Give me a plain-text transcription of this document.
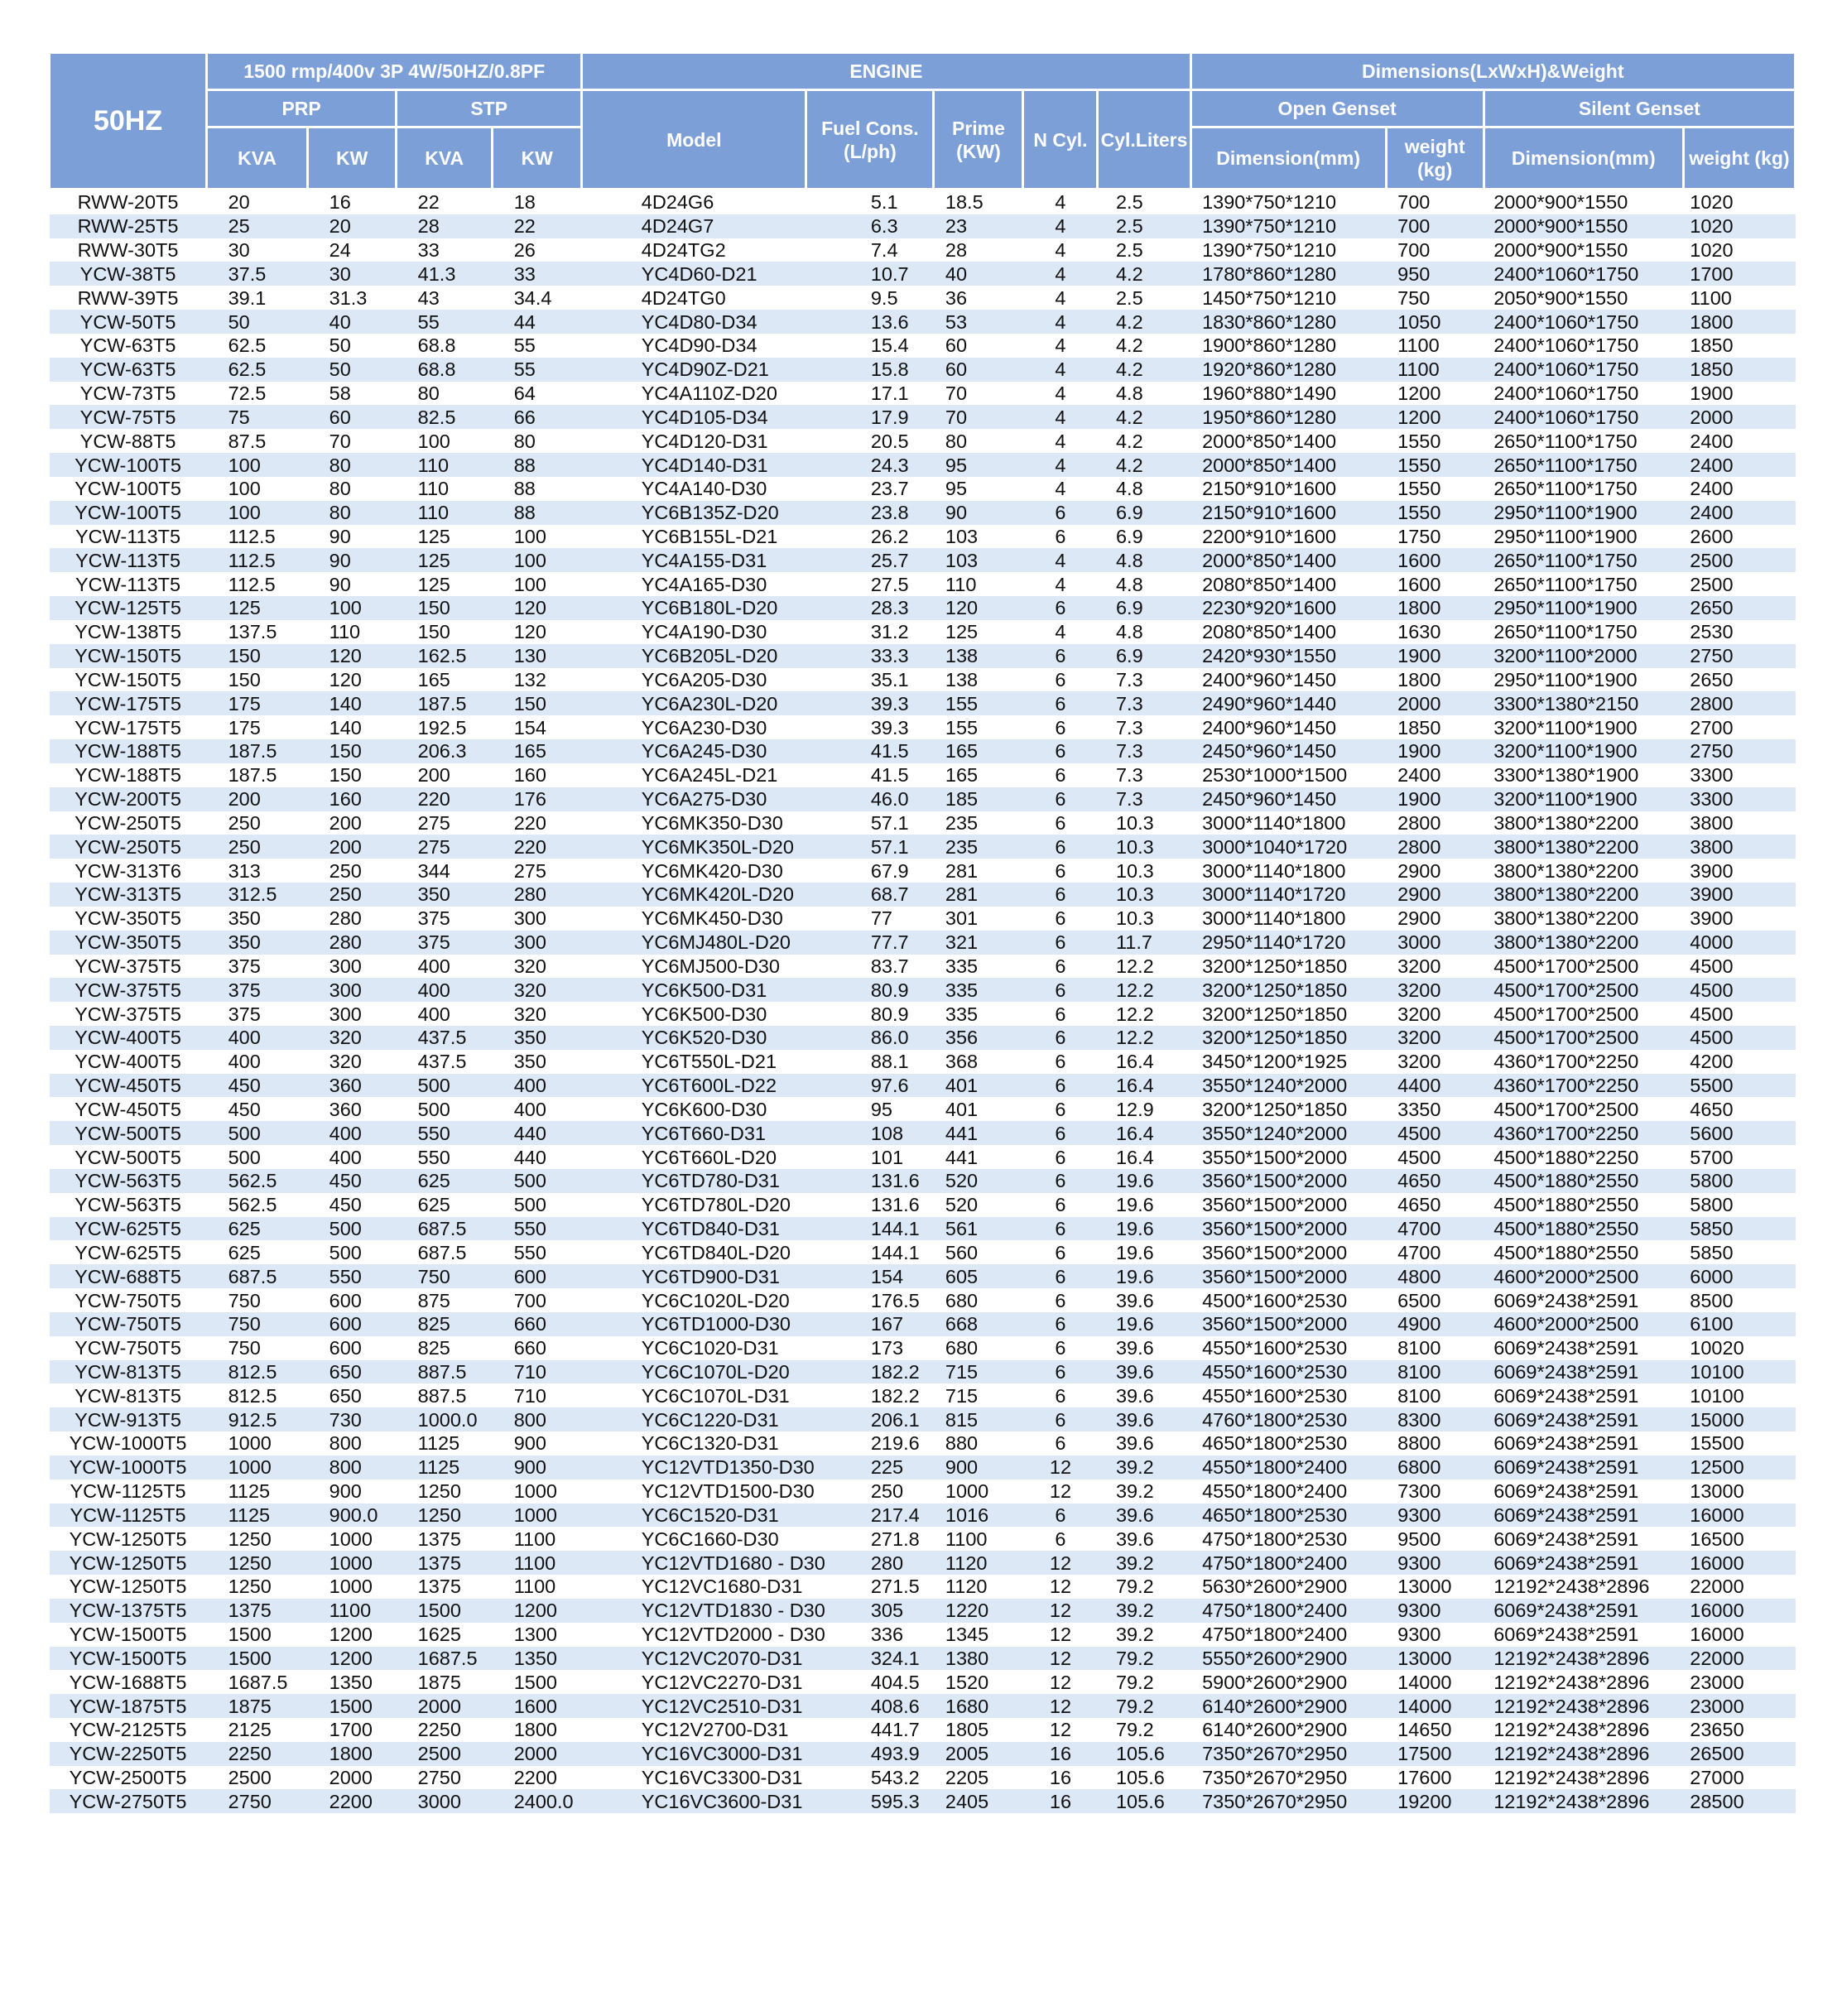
50HZ	1500 rmp/400v 3P 4W/50HZ/0.8PF				ENGINE					Dimensions(LxWxH)&Weight			
	PRP		STP		Model	Fuel Cons. (L/ph)	Prime (KW)	N Cyl.	Cyl.Liters	Open Genset		Silent Genset	
	KVA	KW	KVA	KW						Dimension(mm)	weight (kg)	Dimension(mm)	weight (kg)
RWW-20T5	20	16	22	18	4D24G6	5.1	18.5	4	2.5	1390*750*1210	700	2000*900*1550	1020
RWW-25T5	25	20	28	22	4D24G7	6.3	23	4	2.5	1390*750*1210	700	2000*900*1550	1020
RWW-30T5	30	24	33	26	4D24TG2	7.4	28	4	2.5	1390*750*1210	700	2000*900*1550	1020
YCW-38T5	37.5	30	41.3	33	YC4D60-D21	10.7	40	4	4.2	1780*860*1280	950	2400*1060*1750	1700
RWW-39T5	39.1	31.3	43	34.4	4D24TG0	9.5	36	4	2.5	1450*750*1210	750	2050*900*1550	1100
YCW-50T5	50	40	55	44	YC4D80-D34	13.6	53	4	4.2	1830*860*1280	1050	2400*1060*1750	1800
YCW-63T5	62.5	50	68.8	55	YC4D90-D34	15.4	60	4	4.2	1900*860*1280	1100	2400*1060*1750	1850
YCW-63T5	62.5	50	68.8	55	YC4D90Z-D21	15.8	60	4	4.2	1920*860*1280	1100	2400*1060*1750	1850
YCW-73T5	72.5	58	80	64	YC4A110Z-D20	17.1	70	4	4.8	1960*880*1490	1200	2400*1060*1750	1900
YCW-75T5	75	60	82.5	66	YC4D105-D34	17.9	70	4	4.2	1950*860*1280	1200	2400*1060*1750	2000
YCW-88T5	87.5	70	100	80	YC4D120-D31	20.5	80	4	4.2	2000*850*1400	1550	2650*1100*1750	2400
YCW-100T5	100	80	110	88	YC4D140-D31	24.3	95	4	4.2	2000*850*1400	1550	2650*1100*1750	2400
YCW-100T5	100	80	110	88	YC4A140-D30	23.7	95	4	4.8	2150*910*1600	1550	2650*1100*1750	2400
YCW-100T5	100	80	110	88	YC6B135Z-D20	23.8	90	6	6.9	2150*910*1600	1550	2950*1100*1900	2400
YCW-113T5	112.5	90	125	100	YC6B155L-D21	26.2	103	6	6.9	2200*910*1600	1750	2950*1100*1900	2600
YCW-113T5	112.5	90	125	100	YC4A155-D31	25.7	103	4	4.8	2000*850*1400	1600	2650*1100*1750	2500
YCW-113T5	112.5	90	125	100	YC4A165-D30	27.5	110	4	4.8	2080*850*1400	1600	2650*1100*1750	2500
YCW-125T5	125	100	150	120	YC6B180L-D20	28.3	120	6	6.9	2230*920*1600	1800	2950*1100*1900	2650
YCW-138T5	137.5	110	150	120	YC4A190-D30	31.2	125	4	4.8	2080*850*1400	1630	2650*1100*1750	2530
YCW-150T5	150	120	162.5	130	YC6B205L-D20	33.3	138	6	6.9	2420*930*1550	1900	3200*1100*2000	2750
YCW-150T5	150	120	165	132	YC6A205-D30	35.1	138	6	7.3	2400*960*1450	1800	2950*1100*1900	2650
YCW-175T5	175	140	187.5	150	YC6A230L-D20	39.3	155	6	7.3	2490*960*1440	2000	3300*1380*2150	2800
YCW-175T5	175	140	192.5	154	YC6A230-D30	39.3	155	6	7.3	2400*960*1450	1850	3200*1100*1900	2700
YCW-188T5	187.5	150	206.3	165	YC6A245-D30	41.5	165	6	7.3	2450*960*1450	1900	3200*1100*1900	2750
YCW-188T5	187.5	150	200	160	YC6A245L-D21	41.5	165	6	7.3	2530*1000*1500	2400	3300*1380*1900	3300
YCW-200T5	200	160	220	176	YC6A275-D30	46.0	185	6	7.3	2450*960*1450	1900	3200*1100*1900	3300
YCW-250T5	250	200	275	220	YC6MK350-D30	57.1	235	6	10.3	3000*1140*1800	2800	3800*1380*2200	3800
YCW-250T5	250	200	275	220	YC6MK350L-D20	57.1	235	6	10.3	3000*1040*1720	2800	3800*1380*2200	3800
YCW-313T6	313	250	344	275	YC6MK420-D30	67.9	281	6	10.3	3000*1140*1800	2900	3800*1380*2200	3900
YCW-313T5	312.5	250	350	280	YC6MK420L-D20	68.7	281	6	10.3	3000*1140*1720	2900	3800*1380*2200	3900
YCW-350T5	350	280	375	300	YC6MK450-D30	77	301	6	10.3	3000*1140*1800	2900	3800*1380*2200	3900
YCW-350T5	350	280	375	300	YC6MJ480L-D20	77.7	321	6	11.7	2950*1140*1720	3000	3800*1380*2200	4000
YCW-375T5	375	300	400	320	YC6MJ500-D30	83.7	335	6	12.2	3200*1250*1850	3200	4500*1700*2500	4500
YCW-375T5	375	300	400	320	YC6K500-D31	80.9	335	6	12.2	3200*1250*1850	3200	4500*1700*2500	4500
YCW-375T5	375	300	400	320	YC6K500-D30	80.9	335	6	12.2	3200*1250*1850	3200	4500*1700*2500	4500
YCW-400T5	400	320	437.5	350	YC6K520-D30	86.0	356	6	12.2	3200*1250*1850	3200	4500*1700*2500	4500
YCW-400T5	400	320	437.5	350	YC6T550L-D21	88.1	368	6	16.4	3450*1200*1925	3200	4360*1700*2250	4200
YCW-450T5	450	360	500	400	YC6T600L-D22	97.6	401	6	16.4	3550*1240*2000	4400	4360*1700*2250	5500
YCW-450T5	450	360	500	400	YC6K600-D30	95	401	6	12.9	3200*1250*1850	3350	4500*1700*2500	4650
YCW-500T5	500	400	550	440	YC6T660-D31	108	441	6	16.4	3550*1240*2000	4500	4360*1700*2250	5600
YCW-500T5	500	400	550	440	YC6T660L-D20	101	441	6	16.4	3550*1500*2000	4500	4500*1880*2250	5700
YCW-563T5	562.5	450	625	500	YC6TD780-D31	131.6	520	6	19.6	3560*1500*2000	4650	4500*1880*2550	5800
YCW-563T5	562.5	450	625	500	YC6TD780L-D20	131.6	520	6	19.6	3560*1500*2000	4650	4500*1880*2550	5800
YCW-625T5	625	500	687.5	550	YC6TD840-D31	144.1	561	6	19.6	3560*1500*2000	4700	4500*1880*2550	5850
YCW-625T5	625	500	687.5	550	YC6TD840L-D20	144.1	560	6	19.6	3560*1500*2000	4700	4500*1880*2550	5850
YCW-688T5	687.5	550	750	600	YC6TD900-D31	154	605	6	19.6	3560*1500*2000	4800	4600*2000*2500	6000
YCW-750T5	750	600	875	700	YC6C1020L-D20	176.5	680	6	39.6	4500*1600*2530	6500	6069*2438*2591	8500
YCW-750T5	750	600	825	660	YC6TD1000-D30	167	668	6	19.6	3560*1500*2000	4900	4600*2000*2500	6100
YCW-750T5	750	600	825	660	YC6C1020-D31	173	680	6	39.6	4550*1600*2530	8100	6069*2438*2591	10020
YCW-813T5	812.5	650	887.5	710	YC6C1070L-D20	182.2	715	6	39.6	4550*1600*2530	8100	6069*2438*2591	10100
YCW-813T5	812.5	650	887.5	710	YC6C1070L-D31	182.2	715	6	39.6	4550*1600*2530	8100	6069*2438*2591	10100
YCW-913T5	912.5	730	1000.0	800	YC6C1220-D31	206.1	815	6	39.6	4760*1800*2530	8300	6069*2438*2591	15000
YCW-1000T5	1000	800	1125	900	YC6C1320-D31	219.6	880	6	39.6	4650*1800*2530	8800	6069*2438*2591	15500
YCW-1000T5	1000	800	1125	900	YC12VTD1350-D30	225	900	12	39.2	4550*1800*2400	6800	6069*2438*2591	12500
YCW-1125T5	1125	900	1250	1000	YC12VTD1500-D30	250	1000	12	39.2	4550*1800*2400	7300	6069*2438*2591	13000
YCW-1125T5	1125	900.0	1250	1000	YC6C1520-D31	217.4	1016	6	39.6	4650*1800*2530	9300	6069*2438*2591	16000
YCW-1250T5	1250	1000	1375	1100	YC6C1660-D30	271.8	1100	6	39.6	4750*1800*2530	9500	6069*2438*2591	16500
YCW-1250T5	1250	1000	1375	1100	YC12VTD1680 - D30	280	1120	12	39.2	4750*1800*2400	9300	6069*2438*2591	16000
YCW-1250T5	1250	1000	1375	1100	YC12VC1680-D31	271.5	1120	12	79.2	5630*2600*2900	13000	12192*2438*2896	22000
YCW-1375T5	1375	1100	1500	1200	YC12VTD1830 - D30	305	1220	12	39.2	4750*1800*2400	9300	6069*2438*2591	16000
YCW-1500T5	1500	1200	1625	1300	YC12VTD2000 - D30	336	1345	12	39.2	4750*1800*2400	9300	6069*2438*2591	16000
YCW-1500T5	1500	1200	1687.5	1350	YC12VC2070-D31	324.1	1380	12	79.2	5550*2600*2900	13000	12192*2438*2896	22000
YCW-1688T5	1687.5	1350	1875	1500	YC12VC2270-D31	404.5	1520	12	79.2	5900*2600*2900	14000	12192*2438*2896	23000
YCW-1875T5	1875	1500	2000	1600	YC12VC2510-D31	408.6	1680	12	79.2	6140*2600*2900	14000	12192*2438*2896	23000
YCW-2125T5	2125	1700	2250	1800	YC12V2700-D31	441.7	1805	12	79.2	6140*2600*2900	14650	12192*2438*2896	23650
YCW-2250T5	2250	1800	2500	2000	YC16VC3000-D31	493.9	2005	16	105.6	7350*2670*2950	17500	12192*2438*2896	26500
YCW-2500T5	2500	2000	2750	2200	YC16VC3300-D31	543.2	2205	16	105.6	7350*2670*2950	17600	12192*2438*2896	27000
YCW-2750T5	2750	2200	3000	2400.0	YC16VC3600-D31	595.3	2405	16	105.6	7350*2670*2950	19200	12192*2438*2896	28500
